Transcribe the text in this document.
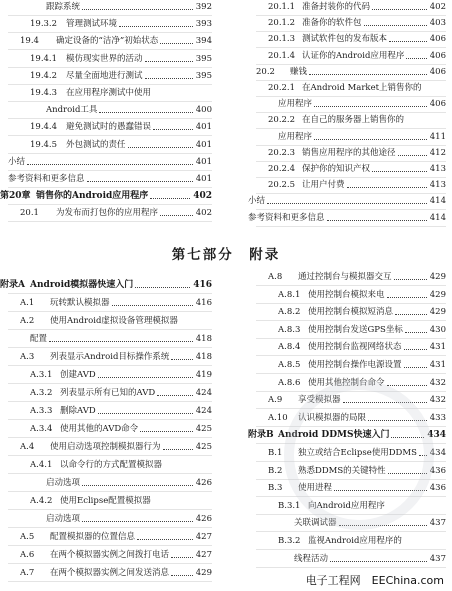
跟踪系统	392
19.3.2 管理测试环境	393
19.4 确定设备的“洁净”初始状态	394
19.4.1 模仿现实世界的活动	395
19.4.2 尽量全面地进行测试	395
19.4.3 在应用程序测试中使用
Android工具	400
19.4.4 避免测试时的愚蠢错误	401
19.4.5 外包测试的责任	401
小结	401
参考资料和更多信息	401
第20章 销售你的Android应用程序	402
20.1 为发布而打包你的应用程序	402
20.1.1 准备封装你的代码	402
20.1.2 准备你的软件包	403
20.1.3 测试软件包的发布版本	406
20.1.4 认证你的Android应用程序	406
20.2 赚钱	406
20.2.1 在Android Market上销售你的
应用程序	406
20.2.2 在自己的服务器上销售你的
应用程序	411
20.2.3 销售应用程序的其他途径	412
20.2.4 保护你的知识产权	413
20.2.5 让用户付费	413
小结	414
参考资料和更多信息	414
第七部分　附录
附录A Android模拟器快速入门	416
A.1 玩转默认模拟器	416
A.2 使用Android虚拟设备管理模拟器
配置	418
A.3 列表显示Android目标操作系统	418
A.3.1 创建AVD	419
A.3.2 列表显示所有已知的AVD	424
A.3.3 删除AVD	424
A.3.4 使用其他的AVD命令	425
A.4 使用启动选项控制模拟器行为	425
A.4.1 以命令行的方式配置模拟器
启动选项	426
A.4.2 使用Eclipse配置模拟器
启动选项	426
A.5 配置模拟器的位置信息	427
A.6 在两个模拟器实例之间拨打电话	427
A.7 在两个模拟器实例之间发送消息	429
A.8 通过控制台与模拟器交互	429
A.8.1 使用控制台模拟来电	429
A.8.2 使用控制台模拟短消息	429
A.8.3 使用控制台发送GPS坐标	430
A.8.4 使用控制台监视网络状态	431
A.8.5 使用控制台操作电源设置	431
A.8.6 使用其他控制台命令	432
A.9 享受模拟器	432
A.10 认识模拟器的局限	433
附录B Android DDMS快速入门	434
B.1 独立或结合Eclipse使用DDMS 434
B.2 熟悉DDMS的关键特性	436
B.3 使用进程	436
B.3.1 向Android应用程序
关联调试器	437
B.3.2 监视Android应用程序的
线程活动	437
电子工程网　EEChina.com
